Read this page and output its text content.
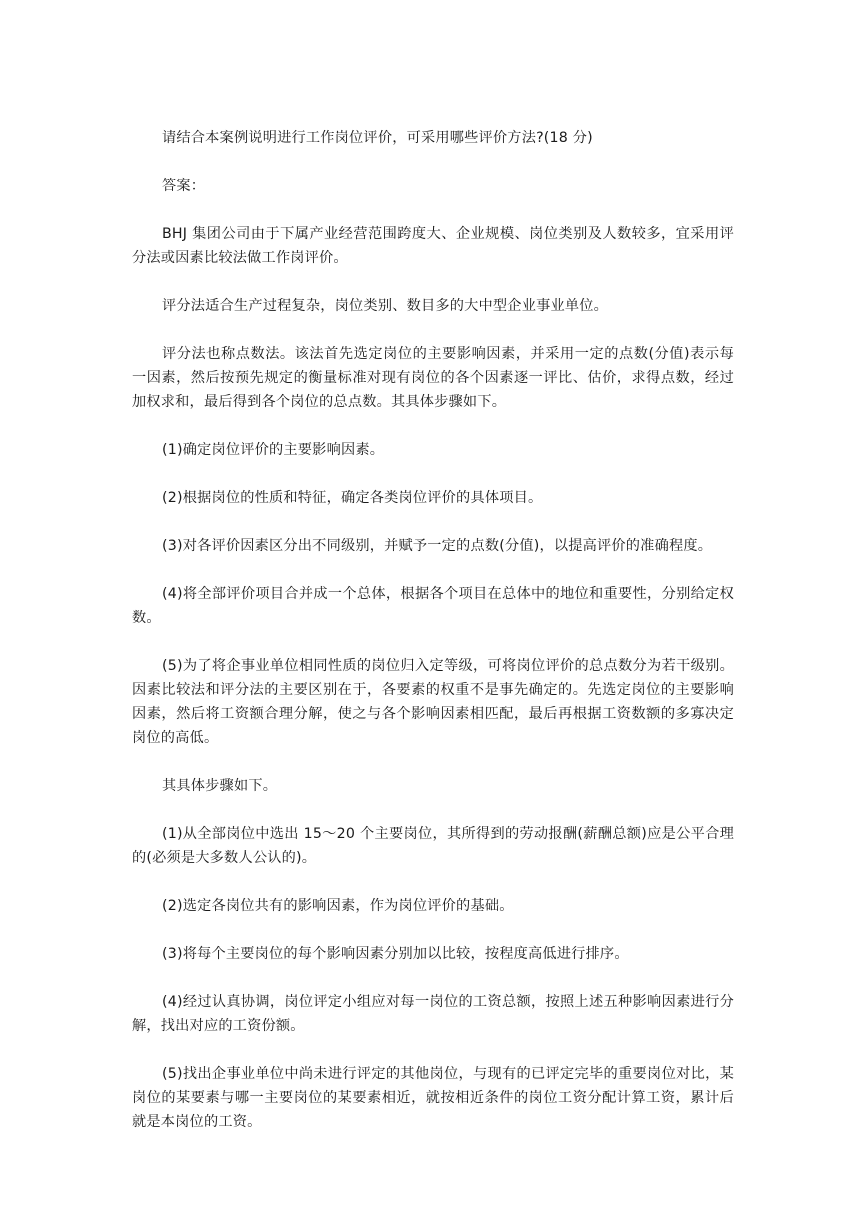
请结合本案例说明进行工作岗位评价，可采用哪些评价方法?(18 分)

答案：

BHJ 集团公司由于下属产业经营范围跨度大、企业规模、岗位类别及人数较多，宜采用评分法或因素比较法做工作岗评价。

评分法适合生产过程复杂，岗位类别、数目多的大中型企业事业单位。

评分法也称点数法。该法首先选定岗位的主要影响因素，并采用一定的点数(分值)表示每一因素，然后按预先规定的衡量标准对现有岗位的各个因素逐一评比、估价，求得点数，经过加权求和，最后得到各个岗位的总点数。其具体步骤如下。

(1)确定岗位评价的主要影响因素。

(2)根据岗位的性质和特征，确定各类岗位评价的具体项目。

(3)对各评价因素区分出不同级别，并赋予一定的点数(分值)，以提高评价的准确程度。

(4)将全部评价项目合并成一个总体，根据各个项目在总体中的地位和重要性，分别给定权数。

(5)为了将企事业单位相同性质的岗位归入定等级，可将岗位评价的总点数分为若干级别。因素比较法和评分法的主要区别在于，各要素的权重不是事先确定的。先选定岗位的主要影响因素，然后将工资额合理分解，使之与各个影响因素相匹配，最后再根据工资数额的多寡决定岗位的高低。

其具体步骤如下。

(1)从全部岗位中选出 15～20 个主要岗位，其所得到的劳动报酬(薪酬总额)应是公平合理的(必须是大多数人公认的)。

(2)选定各岗位共有的影响因素，作为岗位评价的基础。

(3)将每个主要岗位的每个影响因素分别加以比较，按程度高低进行排序。

(4)经过认真协调，岗位评定小组应对每一岗位的工资总额，按照上述五种影响因素进行分解，找出对应的工资份额。

(5)找出企事业单位中尚未进行评定的其他岗位，与现有的已评定完毕的重要岗位对比，某岗位的某要素与哪一主要岗位的某要素相近，就按相近条件的岗位工资分配计算工资，累计后就是本岗位的工资。
